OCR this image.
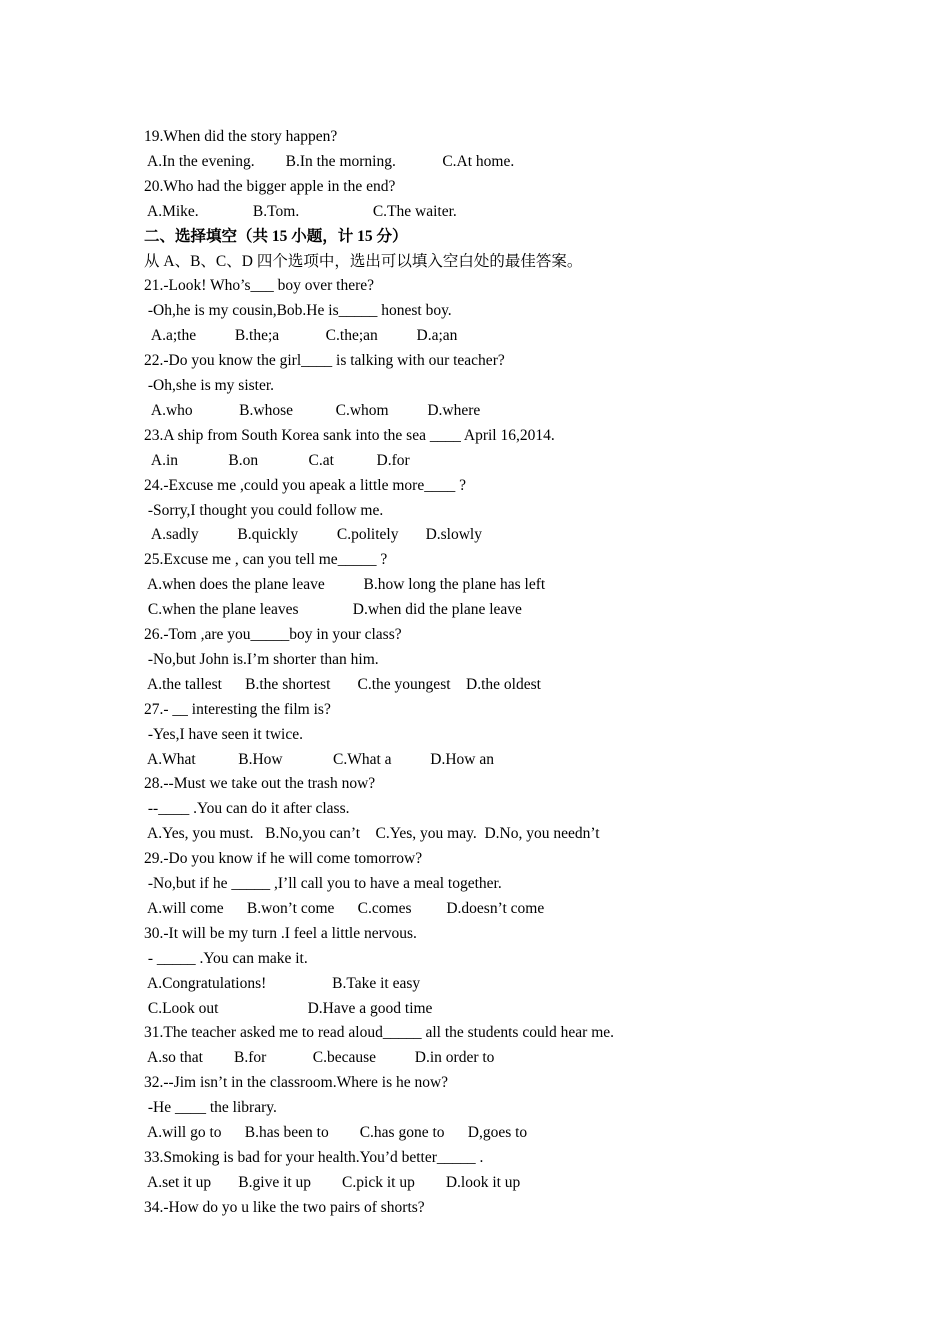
19.When did the story happen?
A.In the evening.        B.In the morning.            C.At home.
20.Who had the bigger apple in the end?
A.Mike.              B.Tom.                   C.The waiter.
二、选择填空（共 15 小题，计 15 分）
从 A、B、C、D 四个选项中，选出可以填入空白处的最佳答案。
21.-Look! Who’s___ boy over there?
-Oh,he is my cousin,Bob.He is_____ honest boy.
A.a;the          B.the;a            C.the;an          D.a;an
22.-Do you know the girl____ is talking with our teacher?
-Oh,she is my sister.
A.who            B.whose           C.whom          D.where
23.A ship from South Korea sank into the sea ____ April 16,2014.
A.in             B.on             C.at           D.for
24.-Excuse me ,could you apeak a little more____ ?
-Sorry,I thought you could follow me.
A.sadly          B.quickly          C.politely       D.slowly
25.Excuse me , can you tell me_____ ?
A.when does the plane leave          B.how long the plane has left
C.when the plane leaves              D.when did the plane leave
26.-Tom ,are you_____boy in your class?
-No,but John is.I’m shorter than him.
A.the tallest      B.the shortest       C.the youngest    D.the oldest
27.- __ interesting the film is?
-Yes,I have seen it twice.
A.What           B.How             C.What a          D.How an
28.--Must we take out the trash now?
--____ .You can do it after class.
A.Yes, you must.   B.No,you can’t    C.Yes, you may.  D.No, you needn’t
29.-Do you know if he will come tomorrow?
-No,but if he _____ ,I’ll call you to have a meal together.
A.will come      B.won’t come      C.comes         D.doesn’t come
30.-It will be my turn .I feel a little nervous.
- _____ .You can make it.
A.Congratulations!                 B.Take it easy
C.Look out                       D.Have a good time
31.The teacher asked me to read aloud_____ all the students could hear me.
A.so that        B.for            C.because          D.in order to
32.--Jim isn’t in the classroom.Where is he now?
-He ____ the library.
A.will go to      B.has been to        C.has gone to      D,goes to
33.Smoking is bad for your health.You’d better_____ .
A.set it up       B.give it up        C.pick it up        D.look it up
34.-How do yo u like the two pairs of shorts?
